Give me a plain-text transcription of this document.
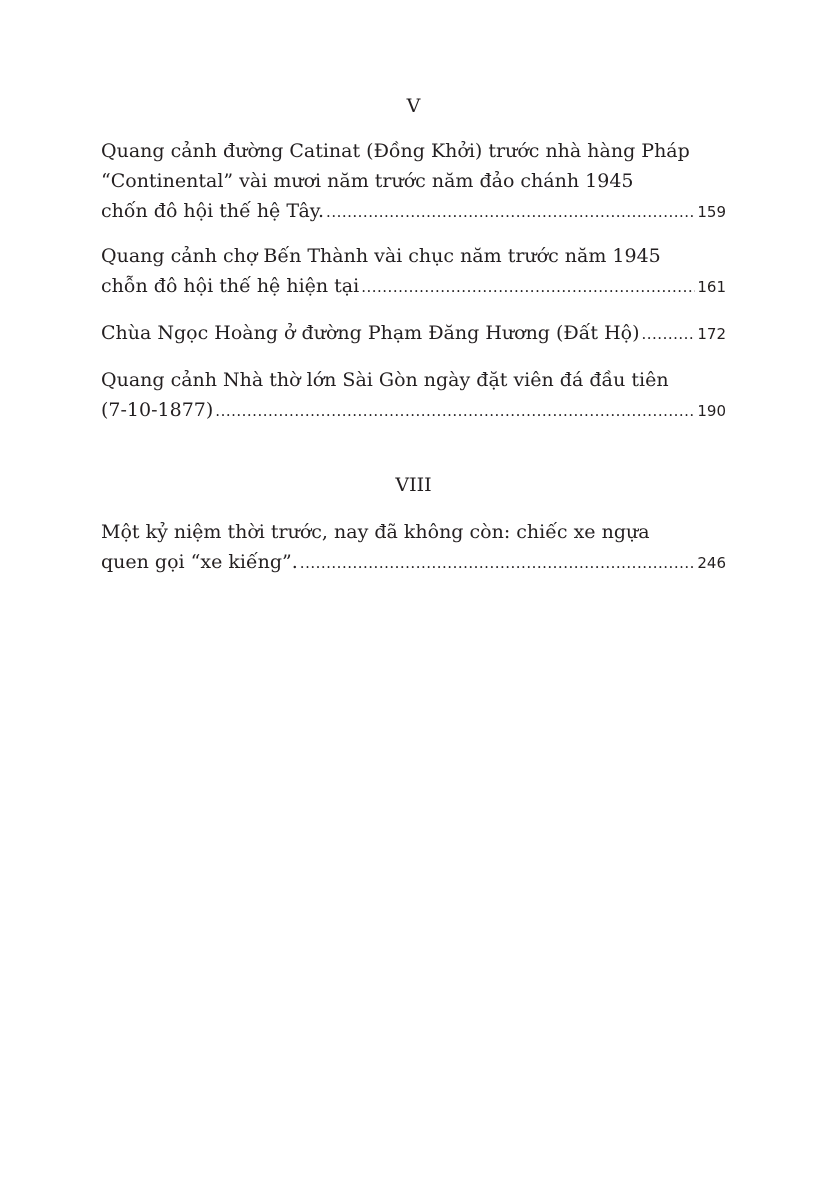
V
Quang cảnh đường Catinat (Đồng Khởi) trước nhà hàng Pháp
“Continental” vài mươi năm trước năm đảo chánh 1945
chốn đô hội thế hệ Tây. .....	159
Quang cảnh chợ Bến Thành vài chục năm trước năm 1945
chỗn đô hội thế hệ hiện tại .....	161
Chùa Ngọc Hoàng ở đường Phạm Đăng Hương (Đất Hộ) .....	172
Quang cảnh Nhà thờ lớn Sài Gòn ngày đặt viên đá đầu tiên
(7-10-1877) .....	190
VIII
Một kỷ niệm thời trước, nay đã không còn: chiếc xe ngựa
quen gọi “xe kiếng”. .....	246
